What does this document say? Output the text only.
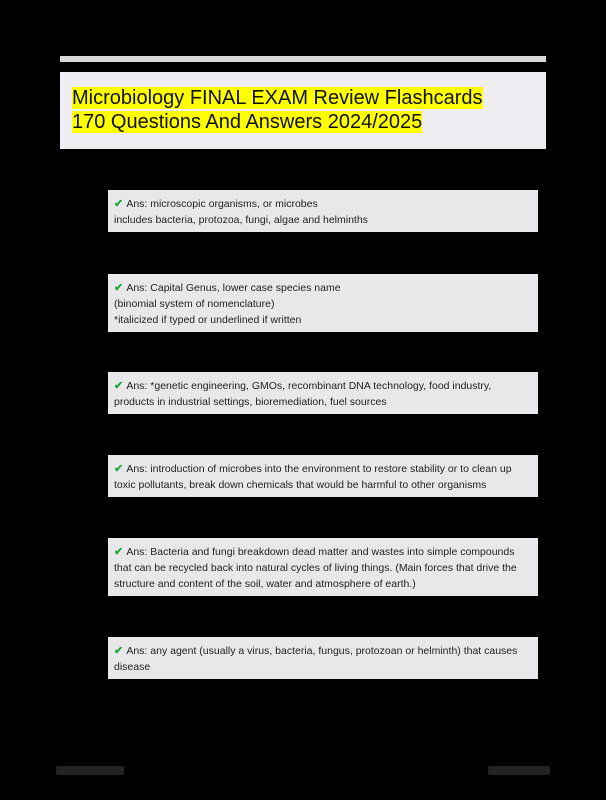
Microbiology FINAL EXAM Review Flashcards
170 Questions And Answers 2024/2025
✔ Ans: microscopic organisms, or microbes
includes bacteria, protozoa, fungi, algae and helminths
✔ Ans: Capital Genus, lower case species name
(binomial system of nomenclature)
*italicized if typed or underlined if written
✔ Ans: *genetic engineering, GMOs, recombinant DNA technology, food industry,
products in industrial settings, bioremediation, fuel sources
✔ Ans: introduction of microbes into the environment to restore stability or to clean up
toxic pollutants, break down chemicals that would be harmful to other organisms
✔ Ans: Bacteria and fungi breakdown dead matter and wastes into simple compounds
that can be recycled back into natural cycles of living things. (Main forces that drive the
structure and content of the soil, water and atmosphere of earth.)
✔ Ans: any agent (usually a virus, bacteria, fungus, protozoan or helminth) that causes
disease
